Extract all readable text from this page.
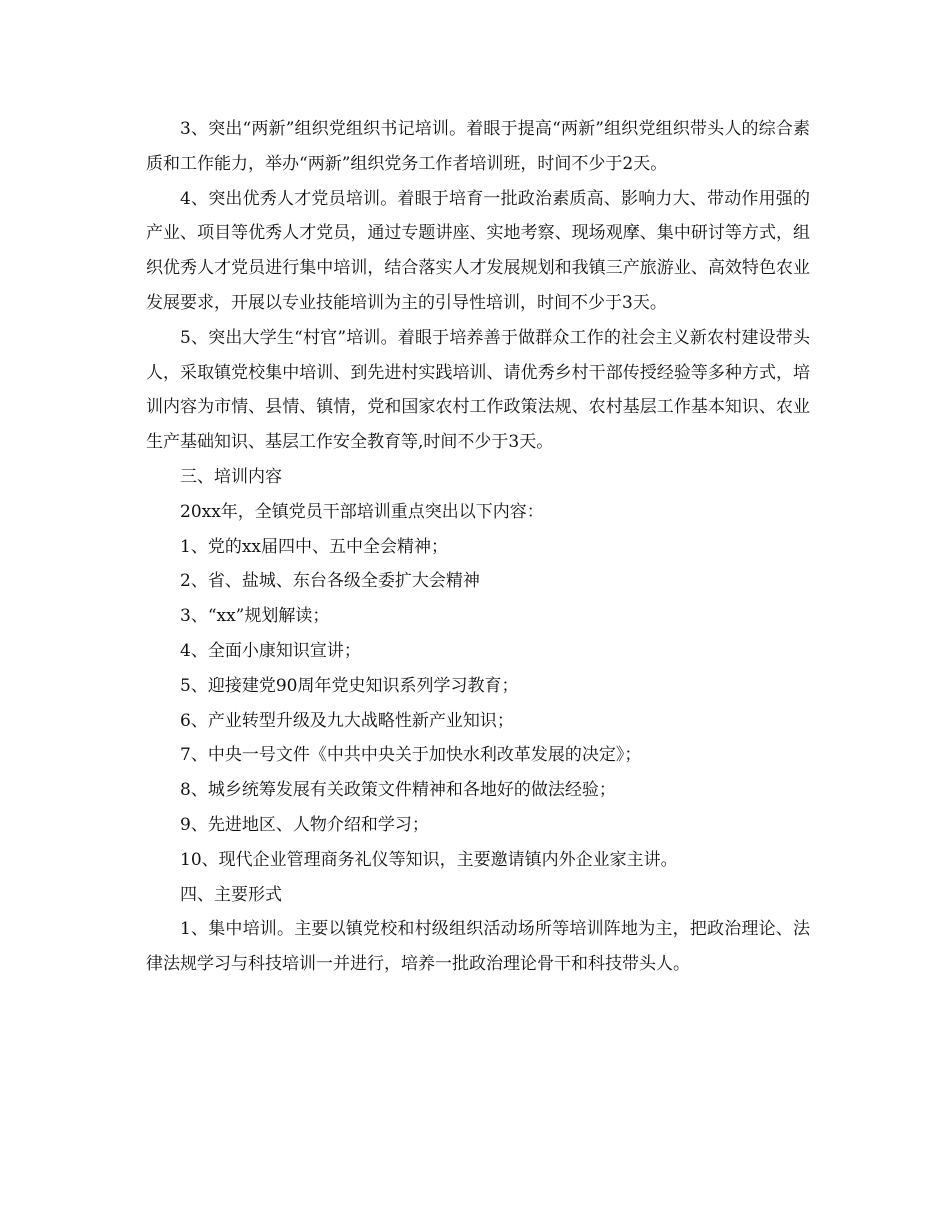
3、突出“两新”组织党组织书记培训。着眼于提高“两新”组织党组织带头人的综合素质和工作能力，举办“两新”组织党务工作者培训班，时间不少于2天。

4、突出优秀人才党员培训。着眼于培育一批政治素质高、影响力大、带动作用强的产业、项目等优秀人才党员，通过专题讲座、实地考察、现场观摩、集中研讨等方式，组织优秀人才党员进行集中培训，结合落实人才发展规划和我镇三产旅游业、高效特色农业发展要求，开展以专业技能培训为主的引导性培训，时间不少于3天。

5、突出大学生“村官”培训。着眼于培养善于做群众工作的社会主义新农村建设带头人，采取镇党校集中培训、到先进村实践培训、请优秀乡村干部传授经验等多种方式，培训内容为市情、县情、镇情，党和国家农村工作政策法规、农村基层工作基本知识、农业生产基础知识、基层工作安全教育等,时间不少于3天。

三、培训内容

20xx年，全镇党员干部培训重点突出以下内容：

1、党的xx届四中、五中全会精神；

2、省、盐城、东台各级全委扩大会精神

3、“xx”规划解读；

4、全面小康知识宣讲；

5、迎接建党90周年党史知识系列学习教育；

6、产业转型升级及九大战略性新产业知识；

7、中央一号文件《中共中央关于加快水利改革发展的决定》；

8、城乡统筹发展有关政策文件精神和各地好的做法经验；

9、先进地区、人物介绍和学习；

10、现代企业管理商务礼仪等知识，主要邀请镇内外企业家主讲。

四、主要形式

1、集中培训。主要以镇党校和村级组织活动场所等培训阵地为主，把政治理论、法律法规学习与科技培训一并进行，培养一批政治理论骨干和科技带头人。
